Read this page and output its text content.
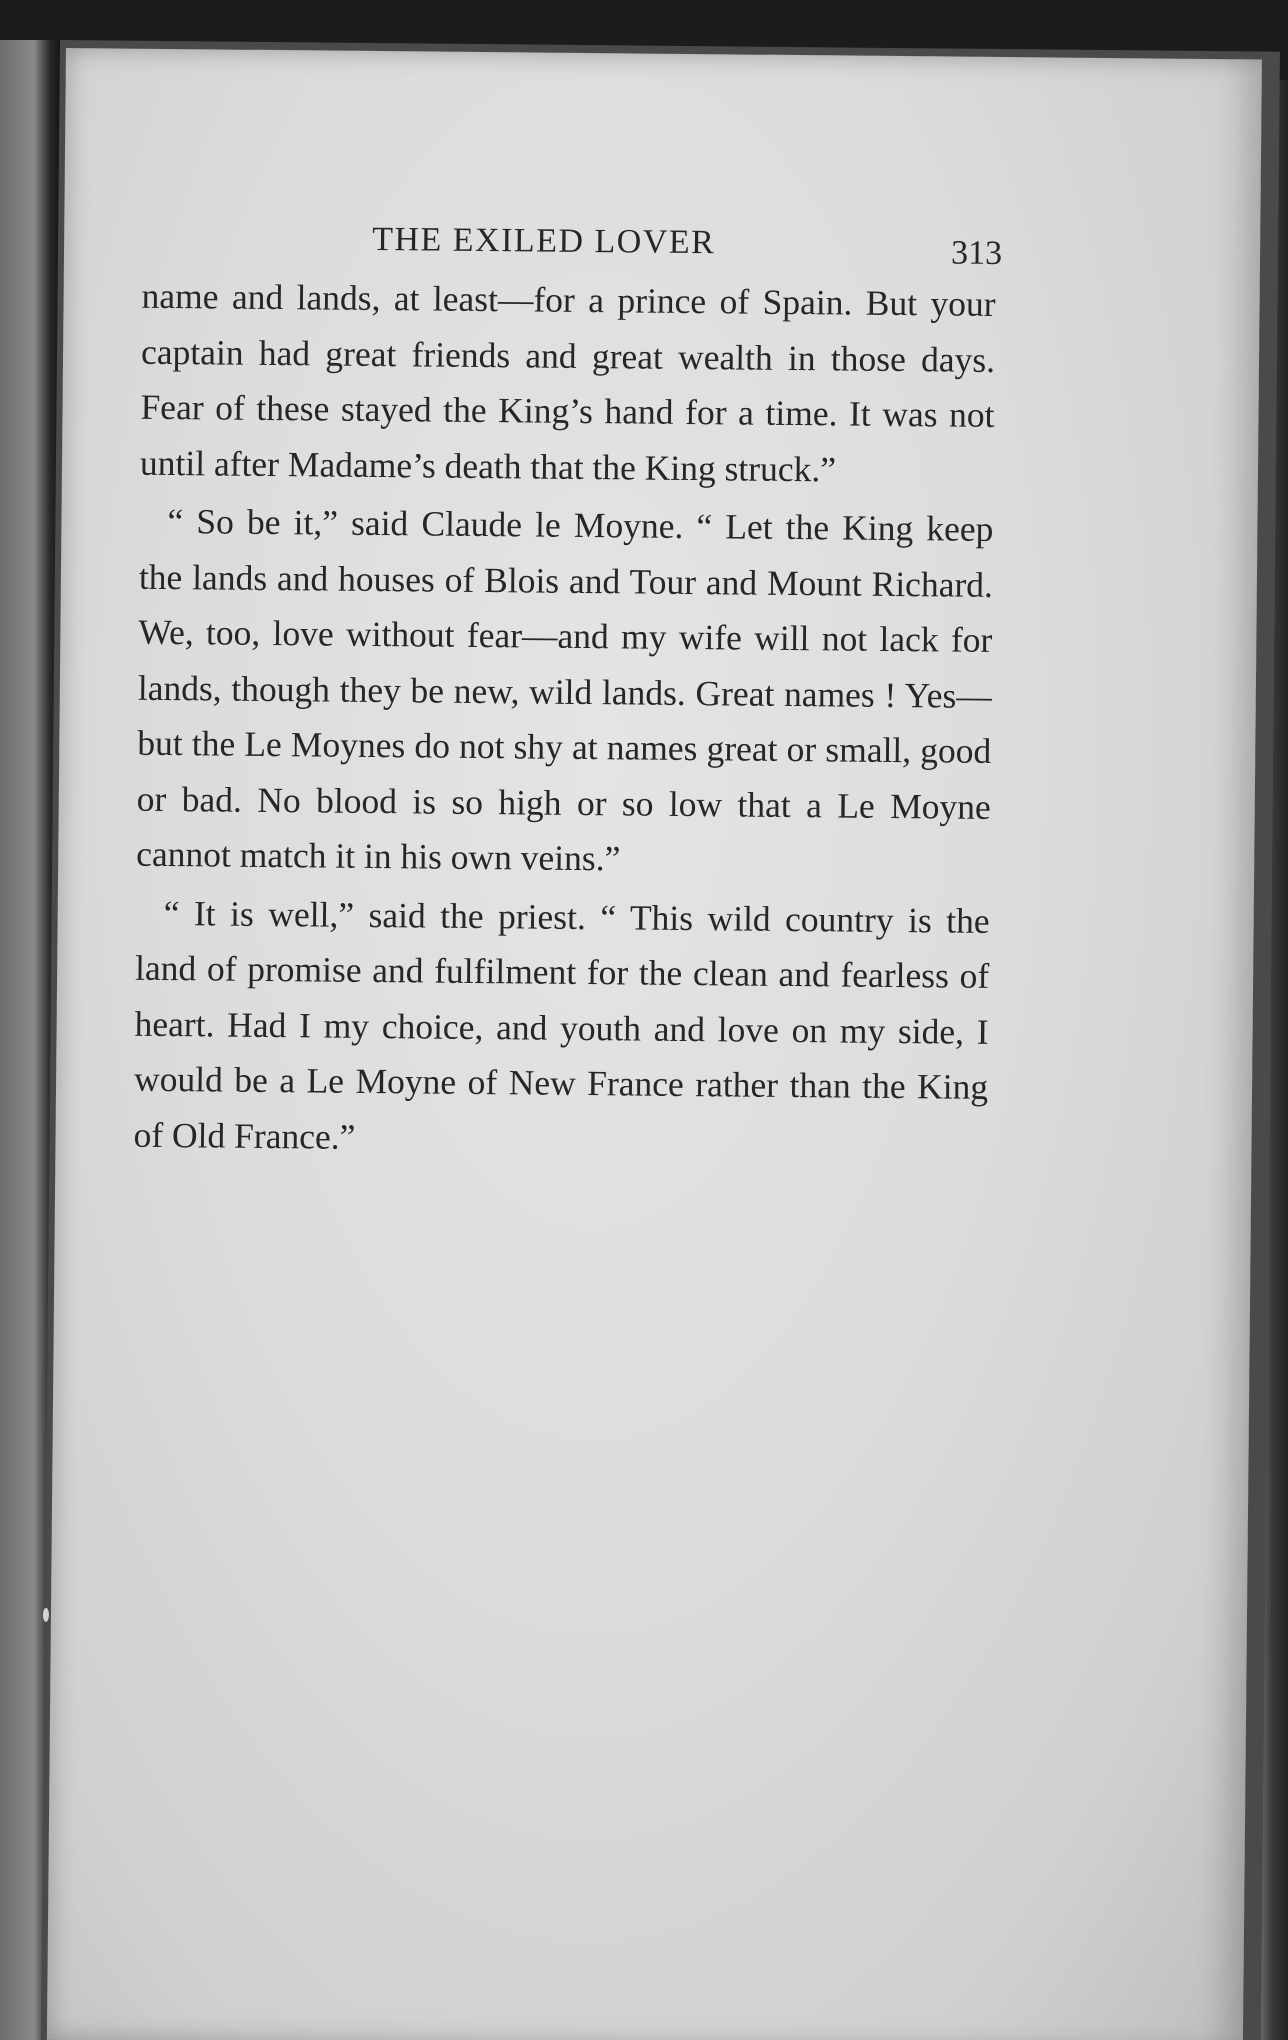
THE EXILED LOVER	313

name and lands, at least—for a prince of Spain. But your captain had great friends and great wealth in those days. Fear of these stayed the King’s hand for a time. It was not until after Madame’s death that the King struck.”

“ So be it,” said Claude le Moyne. “ Let the King keep the lands and houses of Blois and Tour and Mount Richard. We, too, love without fear—and my wife will not lack for lands, though they be new, wild lands. Great names ! Yes—but the Le Moynes do not shy at names great or small, good or bad. No blood is so high or so low that a Le Moyne cannot match it in his own veins.”

“ It is well,” said the priest. “ This wild country is the land of promise and fulfilment for the clean and fearless of heart. Had I my choice, and youth and love on my side, I would be a Le Moyne of New France rather than the King of Old France.”
